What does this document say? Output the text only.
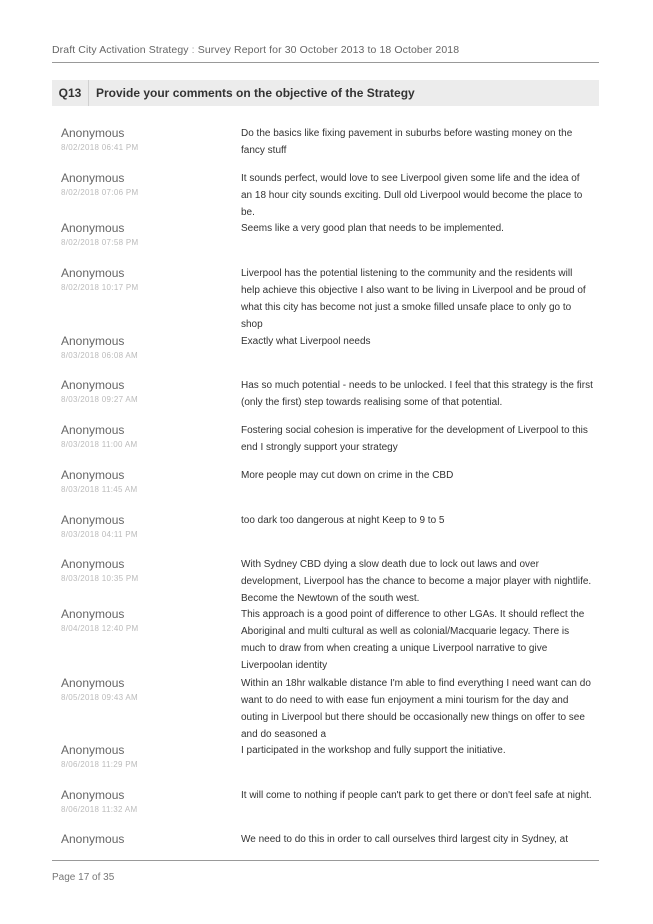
Draft City Activation Strategy : Survey Report for 30 October 2013 to 18 October 2018
Q13	Provide your comments on the objective of the Strategy
Anonymous
8/02/2018 06:41 PM
Do the basics like fixing pavement in suburbs before wasting money on the fancy stuff
Anonymous
8/02/2018 07:06 PM
It sounds perfect, would love to see Liverpool given some life and the idea of an 18 hour city sounds exciting. Dull old Liverpool would become the place to be.
Anonymous
8/02/2018 07:58 PM
Seems like a very good plan that needs to be implemented.
Anonymous
8/02/2018 10:17 PM
Liverpool has the potential listening to the community and the residents will help achieve this objective I also want to be living in Liverpool and be proud of what this city has become not just a smoke filled unsafe place to only go to shop
Anonymous
8/03/2018 06:08 AM
Exactly what Liverpool needs
Anonymous
8/03/2018 09:27 AM
Has so much potential - needs to be unlocked. I feel that this strategy is the first (only the first) step towards realising some of that potential.
Anonymous
8/03/2018 11:00 AM
Fostering social cohesion is imperative for the development of Liverpool to this end I strongly support your strategy
Anonymous
8/03/2018 11:45 AM
More people may cut down on crime in the CBD
Anonymous
8/03/2018 04:11 PM
too dark too dangerous at night Keep to 9 to 5
Anonymous
8/03/2018 10:35 PM
With Sydney CBD dying a slow death due to lock out laws and over development, Liverpool has the chance to become a major player with nightlife. Become the Newtown of the south west.
Anonymous
8/04/2018 12:40 PM
This approach is a good point of difference to other LGAs. It should reflect the Aboriginal and multi cultural as well as colonial/Macquarie legacy. There is much to draw from when creating a unique Liverpool narrative to give Liverpoolan identity
Anonymous
8/05/2018 09:43 AM
Within an 18hr walkable distance I'm able to find everything I need want can do want to do need to with ease fun enjoyment a mini tourism for the day and outing in Liverpool but there should be occasionally new things on offer to see and do seasoned a
Anonymous
8/06/2018 11:29 PM
I participated in the workshop and fully support the initiative.
Anonymous
8/06/2018 11:32 AM
It will come to nothing if people can't park to get there or don't feel safe at night.
Anonymous	We need to do this in order to call ourselves third largest city in Sydney, at
Page 17 of 35
